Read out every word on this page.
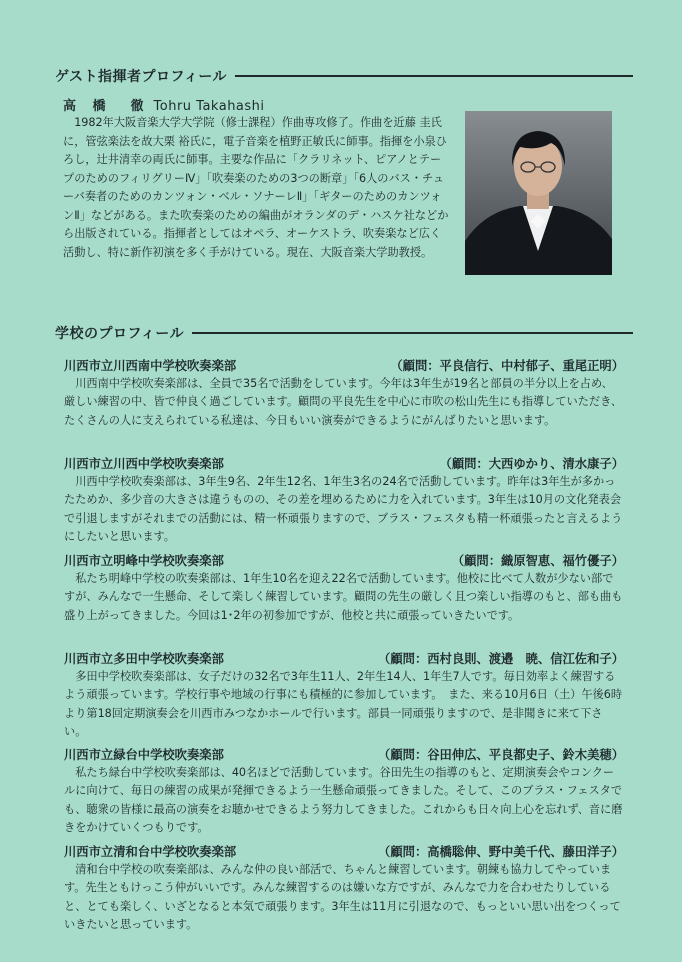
ゲスト指揮者プロフィール
高 橋　徹 Tohru Takahashi
1982年大阪音楽大学大学院（修士課程）作曲専攻修了。作曲を近藤 圭氏に，管弦楽法を故大栗 裕氏に，電子音楽を植野正敏氏に師事。指揮を小泉ひろし，辻井清幸の両氏に師事。主要な作品に「クラリネット、ピアノとテープのためのフィリグリーⅣ」「吹奏楽のための3つの断章」「6人のバス・チューバ奏者のためのカンツォン・ベル・ソナーレⅡ」「ギターのためのカンツォンⅡ」などがある。また吹奏楽のための編曲がオランダのデ・ハスケ社などから出版されている。指揮者としてはオペラ、オーケストラ、吹奏楽など広く活動し、特に新作初演を多く手がけている。現在、大阪音楽大学助教授。
学校のプロフィール
川西市立川西南中学校吹奏楽部	（顧問：平良信行、中村郁子、重尾正明）
川西南中学校吹奏楽部は、全員で35名で活動をしています。今年は3年生が19名と部員の半分以上を占め、厳しい練習の中、皆で仲良く過ごしています。顧問の平良先生を中心に市吹の松山先生にも指導していただき、たくさんの人に支えられている私達は、今日もいい演奏ができるようにがんばりたいと思います。
川西市立川西中学校吹奏楽部	（顧問：大西ゆかり、清水康子）
川西中学校吹奏楽部は、3年生9名、2年生12名、1年生3名の24名で活動しています。昨年は3年生が多かったためか、多少音の大きさは違うものの、その差を埋めるために力を入れています。3年生は10月の文化発表会で引退しますがそれまでの活動には、精一杯頑張りますので、ブラス・フェスタも精一杯頑張ったと言えるようにしたいと思います。
川西市立明峰中学校吹奏楽部	（顧問：織原智恵、福竹優子）
私たち明峰中学校の吹奏楽部は、1年生10名を迎え22名で活動しています。他校に比べて人数が少ない部ですが、みんなで一生懸命、そして楽しく練習しています。顧問の先生の厳しく且つ楽しい指導のもと、部も曲も盛り上がってきました。今回は1･2年の初参加ですが、他校と共に頑張っていきたいです。
川西市立多田中学校吹奏楽部	（顧問：西村良則、渡邉　暁、信江佐和子）
多田中学校吹奏楽部は、女子だけの32名で3年生11人、2年生14人、1年生7人です。毎日効率よく練習するよう頑張っています。学校行事や地域の行事にも積極的に参加しています。　また、来る10月6日（土）午後6時より第18回定期演奏会を川西市みつなかホールで行います。部員一同頑張りますので、是非聞きに来て下さい。
川西市立緑台中学校吹奏楽部	（顧問：谷田伸広、平良都史子、鈴木美穂）
私たち緑台中学校吹奏楽部は、40名ほどで活動しています。谷田先生の指導のもと、定期演奏会やコンクールに向けて、毎日の練習の成果が発揮できるよう一生懸命頑張ってきました。そして、このブラス・フェスタでも、聴衆の皆様に最高の演奏をお聴かせできるよう努力してきました。これからも日々向上心を忘れず、音に磨きをかけていくつもりです。
川西市立清和台中学校吹奏楽部	（顧問：高橋聡伸、野中美千代、藤田洋子）
清和台中学校の吹奏楽部は、みんな仲の良い部活で、ちゃんと練習しています。朝練も協力してやっています。先生ともけっこう仲がいいです。みんな練習するのは嫌いな方ですが、みんなで力を合わせたりしていると、とても楽しく、いざとなると本気で頑張ります。3年生は11月に引退なので、もっといい思い出をつくっていきたいと思っています。
